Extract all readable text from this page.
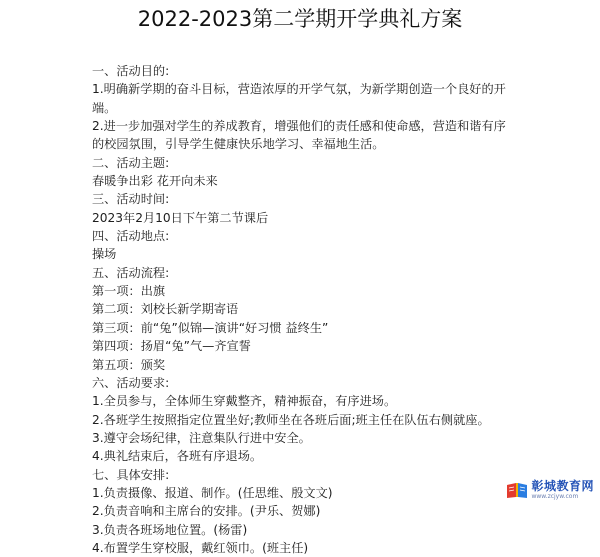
2022-2023第二学期开学典礼方案
一、活动目的:
1.明确新学期的奋斗目标，营造浓厚的开学气氛，为新学期创造一个良好的开端。
2.进一步加强对学生的养成教育，增强他们的责任感和使命感，营造和谐有序的校园氛围，引导学生健康快乐地学习、幸福地生活。
二、活动主题:
春暖争出彩 花开向未来
三、活动时间:
2023年2月10日下午第二节课后
四、活动地点:
操场
五、活动流程:
第一项：出旗
第二项：刘校长新学期寄语
第三项：前“兔”似锦—演讲“好习惯 益终生”
第四项：扬眉“兔”气—齐宣誓
第五项：颁奖
六、活动要求:
1.全员参与，全体师生穿戴整齐，精神振奋，有序进场。
2.各班学生按照指定位置坐好;教师坐在各班后面;班主任在队伍右侧就座。
3.遵守会场纪律，注意集队行进中安全。
4.典礼结束后，各班有序退场。
七、具体安排:
1.负责摄像、报道、制作。(任思维、殷文文)
2.负责音响和主席台的安排。(尹乐、贺娜)
3.负责各班场地位置。(杨雷)
4.布置学生穿校服，戴红领巾。(班主任)
彰城教育网
www.zcjyw.com
